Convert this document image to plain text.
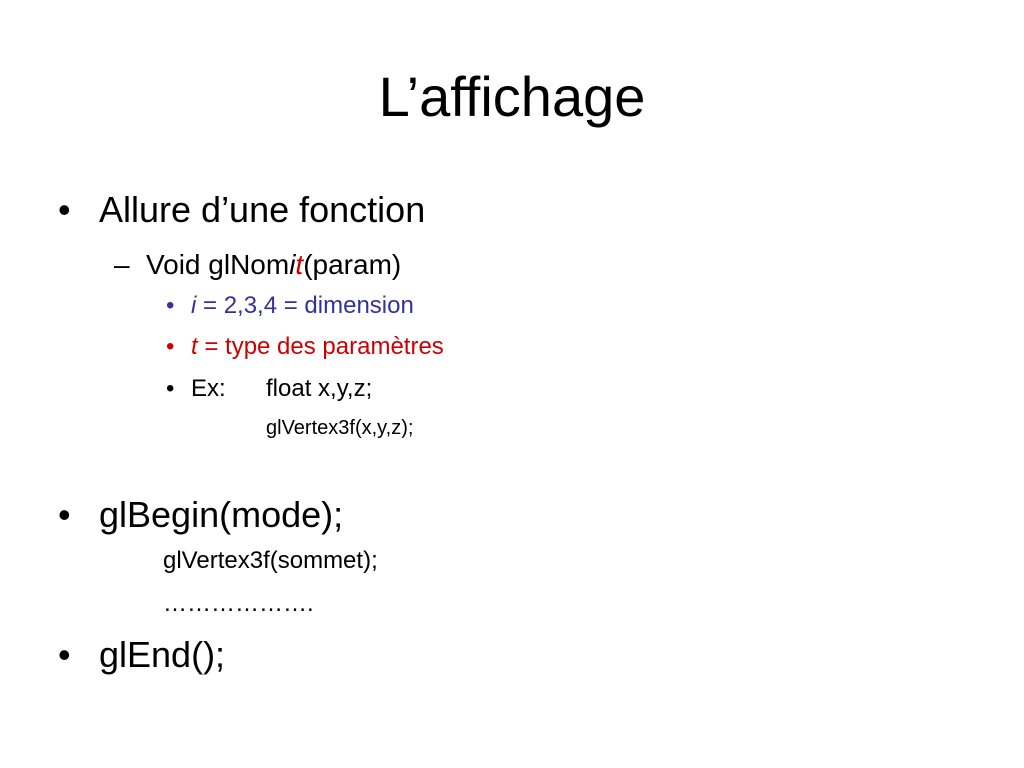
L’affichage
• Allure d’une fonction
– Void glNomit(param)
• i = 2,3,4 = dimension
• t = type des paramètres
• Ex: float x,y,z;
glVertex3f(x,y,z);
• glBegin(mode);
glVertex3f(sommet);
……………….
• glEnd();
